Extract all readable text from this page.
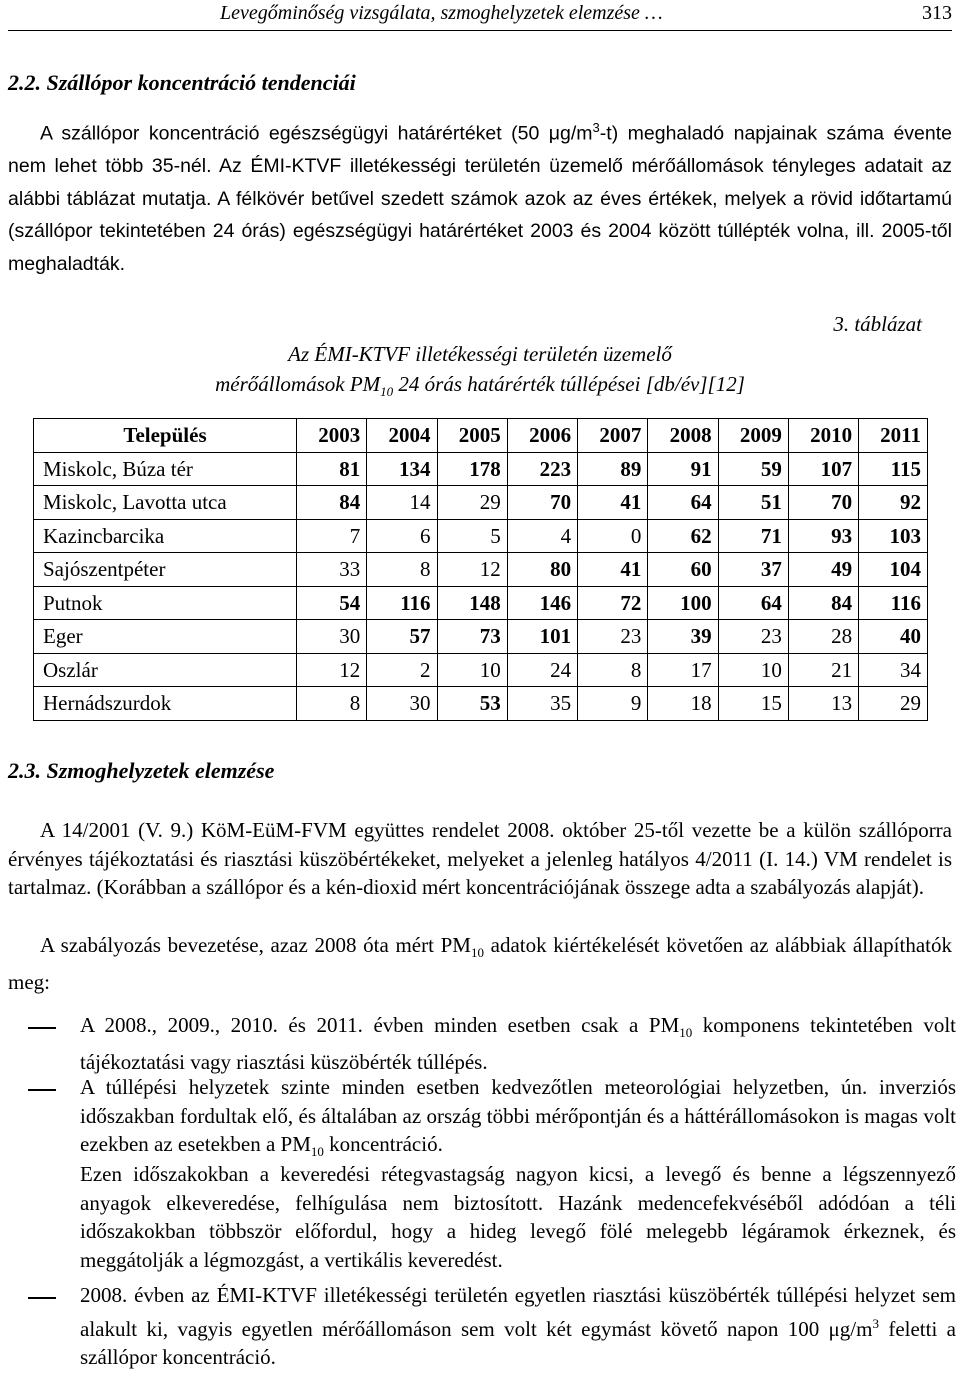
Levegőminőség vizsgálata, szmoghelyzetek elemzése …	313
2.2. Szállópor koncentráció tendenciái

A szállópor koncentráció egészségügyi határértéket (50 $\mu g/m^3-t$) meghaladó napjainak száma évente nem lehet több 35-nél. Az ÉMI-KTVF illetékességi területén üzemelő mérőállomások tényleges adatait az alábbi táblázat mutatja. A félkövér betűvel szedett számok azok az éves értékek, melyek a rövid időtartamú (szállópor tekintetében 24 órás) egészségügyi határértéket 2003 és 2004 között túllépték volna, ill. 2005-től meghaladták.

3. táblázat
Az ÉMI-KTVF illetékességi területén üzemelő
mérőállomások $PM_{10}$ 24 órás határérték túllépései [db/év][12]
Település	2003	2004	2005	2006	2007	2008	2009	2010	2011
Miskolc, Búza tér	81	134	178	223	89	91	59	107	115
Miskolc, Lavotta utca	84	14	29	70	41	64	51	70	92
Kazincbarcika	7	6	5	4	0	62	71	93	103
Sajószentpéter	33	8	12	80	41	60	37	49	104
Putnok	54	116	148	146	72	100	64	84	116
Eger	30	57	73	101	23	39	23	28	40
Oszlár	12	2	10	24	8	17	10	21	34
Hernádszurdok	8	30	53	35	9	18	15	13	29
2.3. Szmoghelyzetek elemzése

A 14/2001 (V. 9.) KöM-EüM-FVM együttes rendelet 2008. október 25-től vezette be a külön szállóporra érvényes tájékoztatási és riasztási küszöbértékeket, melyeket a jelenleg hatályos 4/2011 (I. 14.) VM rendelet is tartalmaz. (Korábban a szállópor és a kén-dioxid mért koncentrációjának összege adta a szabályozás alapját).

A szabályozás bevezetése, azaz 2008 óta mért $PM_{10}$ adatok kiértékelését követően az alábbiak állapíthatók meg:

A 2008., 2009., 2010. és 2011. évben minden esetben csak a $PM_{10}$ komponens tekintetében volt tájékoztatási vagy riasztási küszöbérték túllépés.

A túllépési helyzetek szinte minden esetben kedvezőtlen meteorológiai helyzetben, ún. inverziós időszakban fordultak elő, és általában az ország többi mérőpontján és a háttérállomásokon is magas volt ezekben az esetekben a $PM_{10}$ koncentráció.

Ezen időszakokban a keveredési rétegvastagság nagyon kicsi, a levegő és benne a légszennyező anyagok elkeveredése, felhígulása nem biztosított. Hazánk medencefekvéséből adódóan a téli időszakokban többször előfordul, hogy a hideg levegő fölé melegebb légáramok érkeznek, és meggátolják a légmozgást, a vertikális keveredést.

2008. évben az ÉMI-KTVF illetékességi területén egyetlen riasztási küszöbérték túllépési helyzet sem alakult ki, vagyis egyetlen mérőállomáson sem volt két egymást követő napon 100 $\mu g/m^3$ feletti a szállópor koncentráció.
